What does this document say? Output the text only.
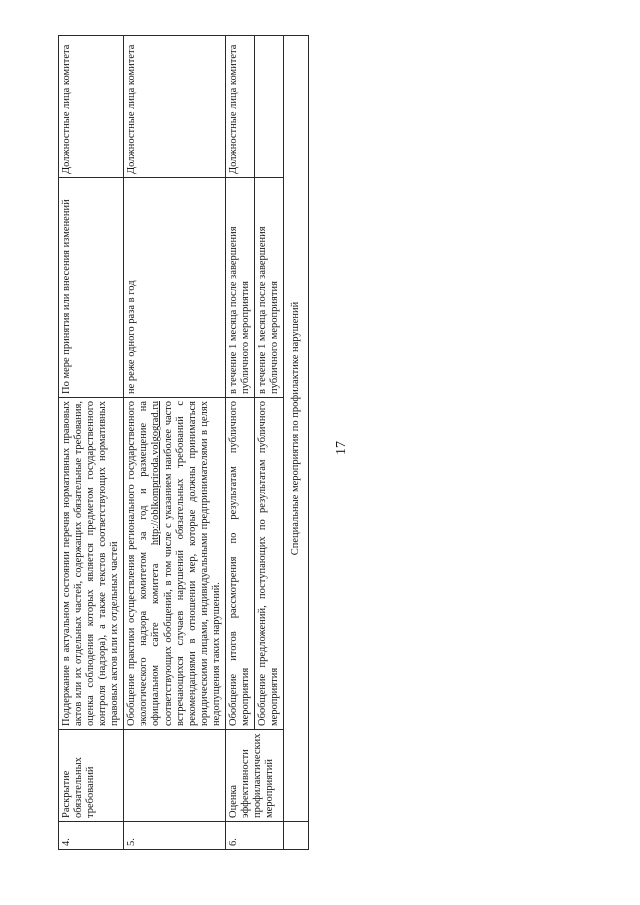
17
4.	Раскрытие обязательных требований	Поддержание в актуальном состоянии перечня нормативных правовых актов или их отдельных частей, содержащих обязательные требования, оценка соблюдения которых является предметом государственного контроля (надзора), а также текстов соответствующих нормативных правовых актов или их отдельных частей	По мере принятия или внесения изменений	Должностные лица комитета
5.		Обобщение практики осуществления регионального государственного экологического надзора комитетом за год и размещение на официальном сайте комитета http://oblkompriroda.volgograd.ru соответствующих обобщений, в том числе с указанием наиболее часто встречающихся случаев нарушений обязательных требований с рекомендациями в отношении мер, которые должны приниматься юридическими лицами, индивидуальными предпринимателями в целях недопущения таких нарушений.	не реже одного раза в год	Должностные лица комитета
6.	Оценка эффективности профилактических мероприятий	Обобщение итогов рассмотрения по результатам публичного мероприятия	в течение 1 месяца после завершения публичного мероприятия	Должностные лица комитета
		Обобщение предложений, поступающих по результатам публичного мероприятия	в течение 1 месяца после завершения публичного мероприятия	
	Специальные мероприятия по профилактике нарушений			
